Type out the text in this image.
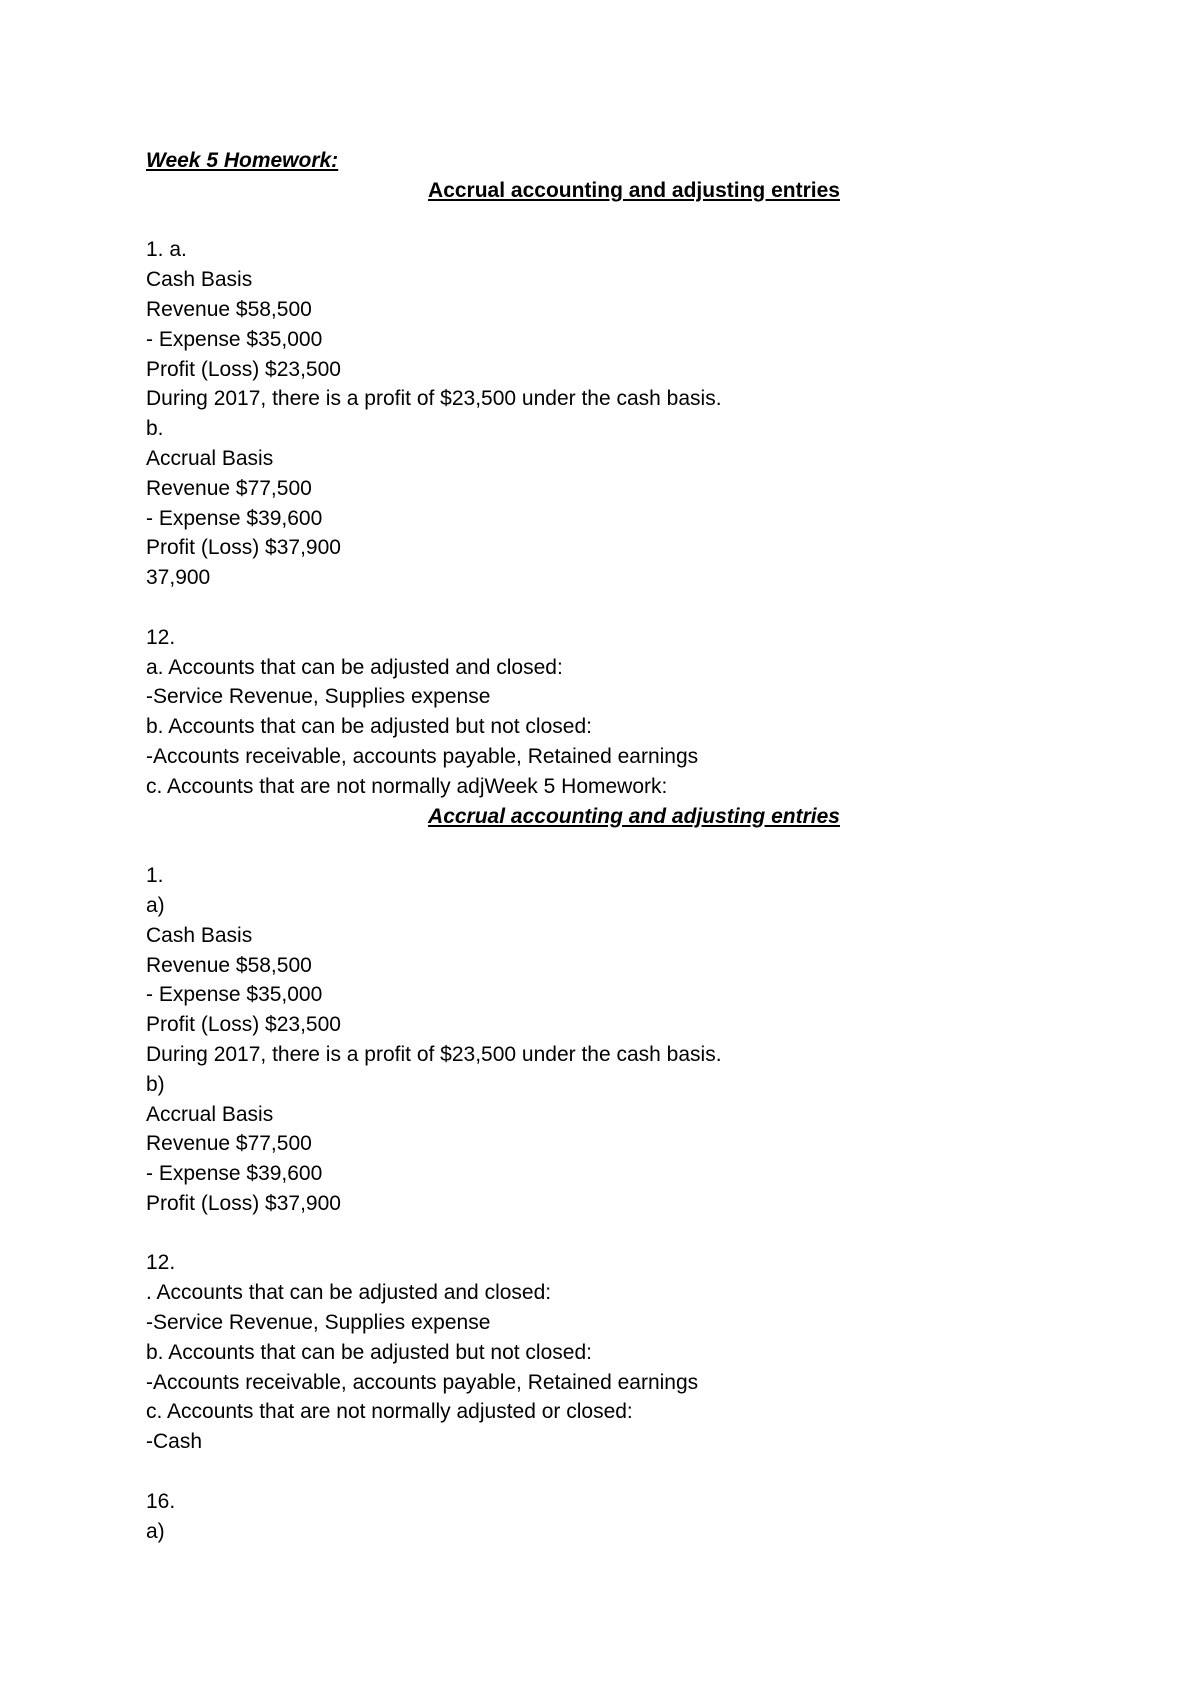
Week 5 Homework:
Accrual accounting and adjusting entries
1. a.
Cash Basis
Revenue $58,500
- Expense $35,000
Profit (Loss) $23,500
During 2017, there is a profit of $23,500 under the cash basis.
b.
Accrual Basis
Revenue $77,500
- Expense $39,600
Profit (Loss) $37,900
37,900
12.
a. Accounts that can be adjusted and closed:
-Service Revenue, Supplies expense
b. Accounts that can be adjusted but not closed:
-Accounts receivable, accounts payable, Retained earnings
c. Accounts that are not normally adjWeek 5 Homework:
Accrual accounting and adjusting entries
1.
a)
Cash Basis
Revenue $58,500
- Expense $35,000
Profit (Loss) $23,500
During 2017, there is a profit of $23,500 under the cash basis.
b)
Accrual Basis
Revenue $77,500
- Expense $39,600
Profit (Loss) $37,900
12.
. Accounts that can be adjusted and closed:
-Service Revenue, Supplies expense
b. Accounts that can be adjusted but not closed:
-Accounts receivable, accounts payable, Retained earnings
c. Accounts that are not normally adjusted or closed:
-Cash
16.
a)
